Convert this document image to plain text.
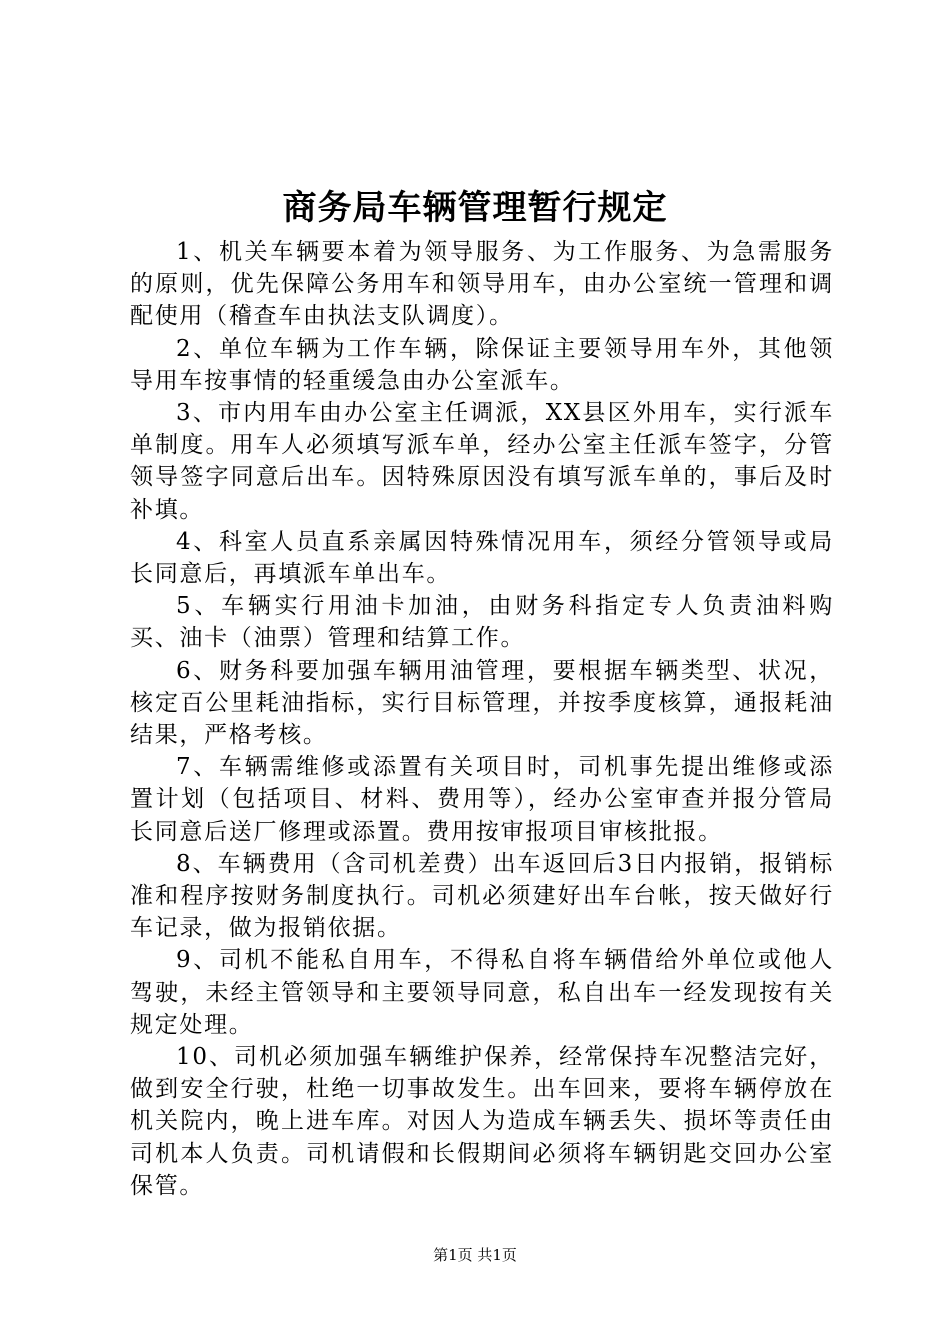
商务局车辆管理暂行规定

1、机关车辆要本着为领导服务、为工作服务、为急需服务的原则，优先保障公务用车和领导用车，由办公室统一管理和调配使用（稽查车由执法支队调度）。

2、单位车辆为工作车辆，除保证主要领导用车外，其他领导用车按事情的轻重缓急由办公室派车。

3、市内用车由办公室主任调派，XX县区外用车，实行派车单制度。用车人必须填写派车单，经办公室主任派车签字，分管领导签字同意后出车。因特殊原因没有填写派车单的，事后及时补填。

4、科室人员直系亲属因特殊情况用车，须经分管领导或局长同意后，再填派车单出车。

5、车辆实行用油卡加油，由财务科指定专人负责油料购买、油卡（油票）管理和结算工作。

6、财务科要加强车辆用油管理，要根据车辆类型、状况，核定百公里耗油指标，实行目标管理，并按季度核算，通报耗油结果，严格考核。

7、车辆需维修或添置有关项目时，司机事先提出维修或添置计划（包括项目、材料、费用等），经办公室审查并报分管局长同意后送厂修理或添置。费用按审报项目审核批报。

8、车辆费用（含司机差费）出车返回后3日内报销，报销标准和程序按财务制度执行。司机必须建好出车台帐，按天做好行车记录，做为报销依据。

9、司机不能私自用车，不得私自将车辆借给外单位或他人驾驶，未经主管领导和主要领导同意，私自出车一经发现按有关规定处理。

10、司机必须加强车辆维护保养，经常保持车况整洁完好，做到安全行驶，杜绝一切事故发生。出车回来，要将车辆停放在机关院内，晚上进车库。对因人为造成车辆丢失、损坏等责任由司机本人负责。司机请假和长假期间必须将车辆钥匙交回办公室保管。

第1页 共1页
